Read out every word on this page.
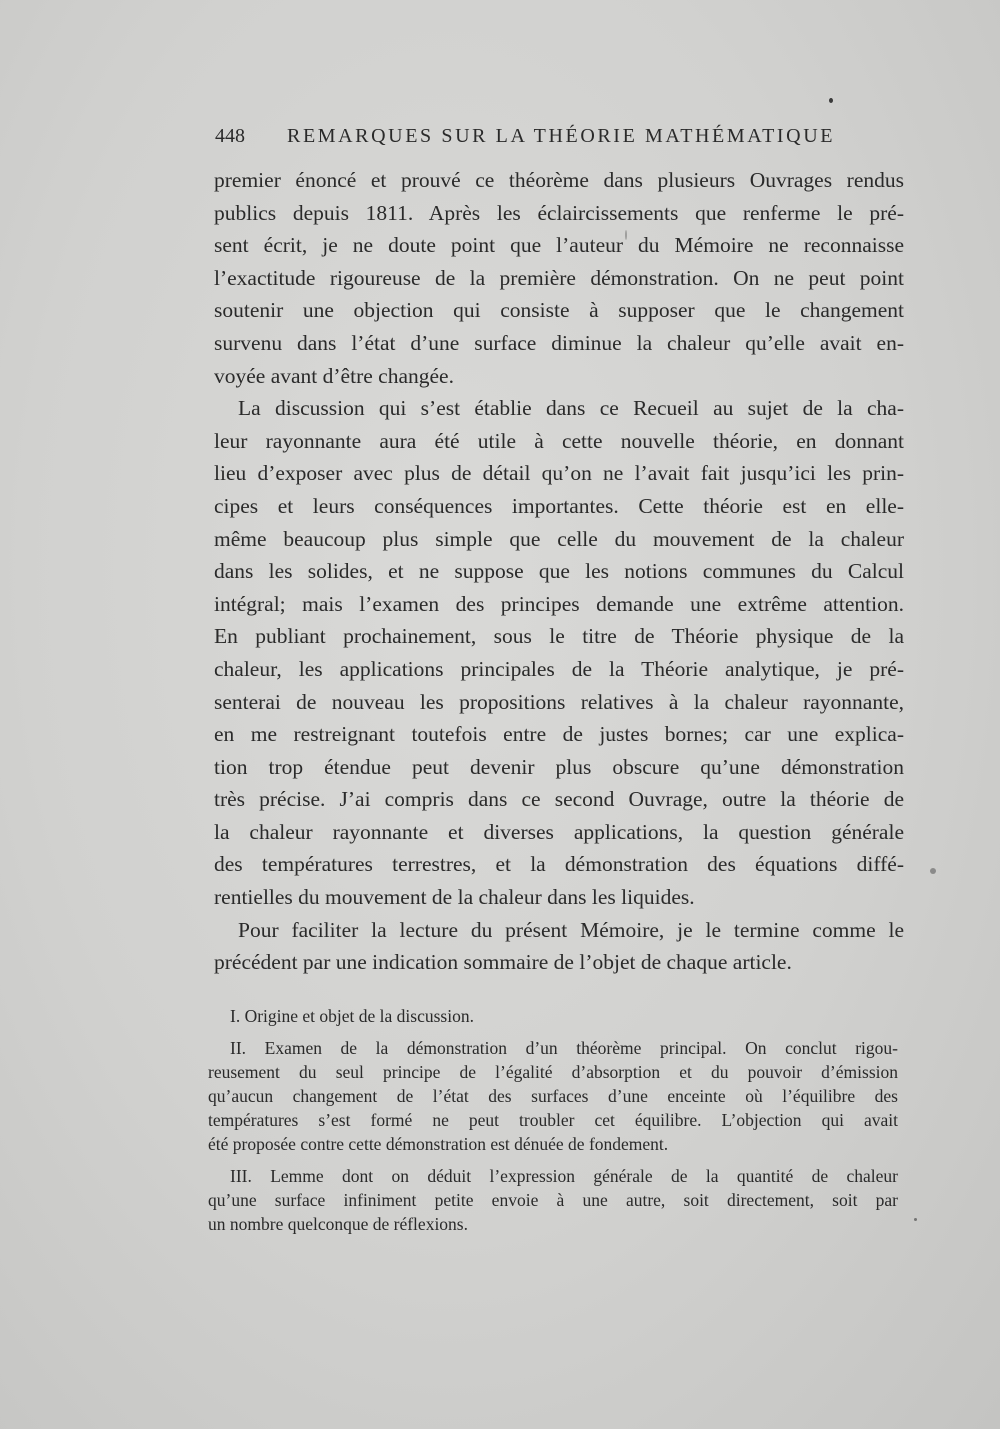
448 REMARQUES SUR LA THÉORIE MATHÉMATIQUE
premier énoncé et prouvé ce théorème dans plusieurs Ouvrages rendus
publics depuis 1811. Après les éclaircissements que renferme le pré-
sent écrit, je ne doute point que l’auteur du Mémoire ne reconnaisse
l’exactitude rigoureuse de la première démonstration. On ne peut point
soutenir une objection qui consiste à supposer que le changement
survenu dans l’état d’une surface diminue la chaleur qu’elle avait en-
voyée avant d’être changée.
La discussion qui s’est établie dans ce Recueil au sujet de la cha-
leur rayonnante aura été utile à cette nouvelle théorie, en donnant
lieu d’exposer avec plus de détail qu’on ne l’avait fait jusqu’ici les prin-
cipes et leurs conséquences importantes. Cette théorie est en elle-
même beaucoup plus simple que celle du mouvement de la chaleur
dans les solides, et ne suppose que les notions communes du Calcul
intégral; mais l’examen des principes demande une extrême attention.
En publiant prochainement, sous le titre de Théorie physique de la
chaleur, les applications principales de la Théorie analytique, je pré-
senterai de nouveau les propositions relatives à la chaleur rayonnante,
en me restreignant toutefois entre de justes bornes; car une explica-
tion trop étendue peut devenir plus obscure qu’une démonstration
très précise. J’ai compris dans ce second Ouvrage, outre la théorie de
la chaleur rayonnante et diverses applications, la question générale
des températures terrestres, et la démonstration des équations diffé-
rentielles du mouvement de la chaleur dans les liquides.
Pour faciliter la lecture du présent Mémoire, je le termine comme le
précédent par une indication sommaire de l’objet de chaque article.
I. Origine et objet de la discussion.
II. Examen de la démonstration d’un théorème principal. On conclut rigou-
reusement du seul principe de l’égalité d’absorption et du pouvoir d’émission
qu’aucun changement de l’état des surfaces d’une enceinte où l’équilibre des
températures s’est formé ne peut troubler cet équilibre. L’objection qui avait
été proposée contre cette démonstration est dénuée de fondement.
III. Lemme dont on déduit l’expression générale de la quantité de chaleur
qu’une surface infiniment petite envoie à une autre, soit directement, soit par
un nombre quelconque de réflexions.
